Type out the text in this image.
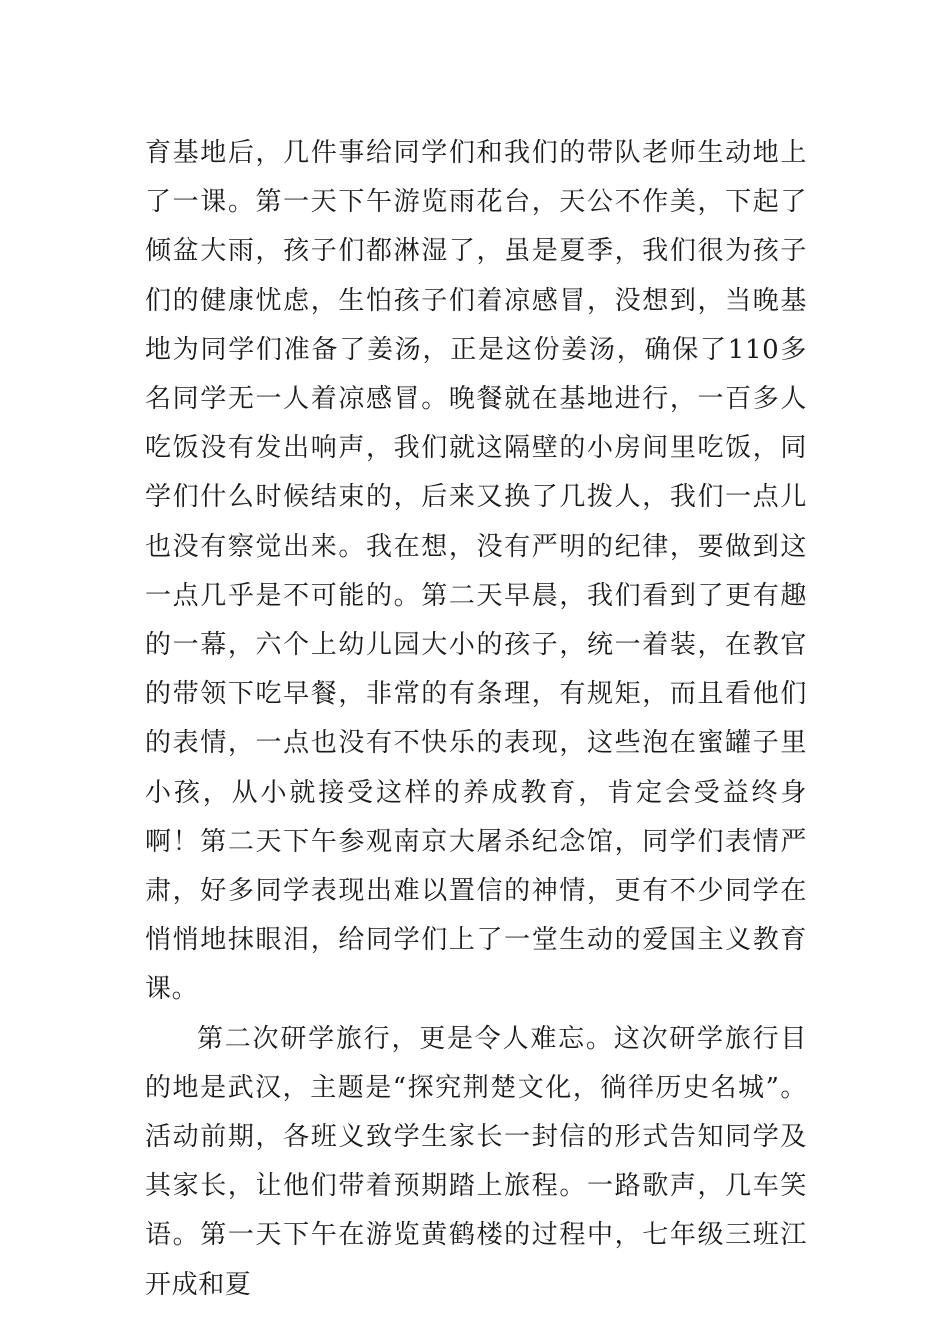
育基地后，几件事给同学们和我们的带队老师生动地上了一课。第一天下午游览雨花台，天公不作美，下起了倾盆大雨，孩子们都淋湿了，虽是夏季，我们很为孩子们的健康忧虑，生怕孩子们着凉感冒，没想到，当晚基地为同学们准备了姜汤，正是这份姜汤，确保了110多名同学无一人着凉感冒。晚餐就在基地进行，一百多人吃饭没有发出响声，我们就这隔壁的小房间里吃饭，同学们什么时候结束的，后来又换了几拨人，我们一点儿也没有察觉出来。我在想，没有严明的纪律，要做到这一点几乎是不可能的。第二天早晨，我们看到了更有趣的一幕，六个上幼儿园大小的孩子，统一着装，在教官的带领下吃早餐，非常的有条理，有规矩，而且看他们的表情，一点也没有不快乐的表现，这些泡在蜜罐子里小孩，从小就接受这样的养成教育，肯定会受益终身啊！第二天下午参观南京大屠杀纪念馆，同学们表情严肃，好多同学表现出难以置信的神情，更有不少同学在悄悄地抹眼泪，给同学们上了一堂生动的爱国主义教育课。

第二次研学旅行，更是令人难忘。这次研学旅行目的地是武汉，主题是“探究荆楚文化，徜徉历史名城”。活动前期，各班义致学生家长一封信的形式告知同学及其家长，让他们带着预期踏上旅程。一路歌声，几车笑语。第一天下午在游览黄鹤楼的过程中，七年级三班江开成和夏
